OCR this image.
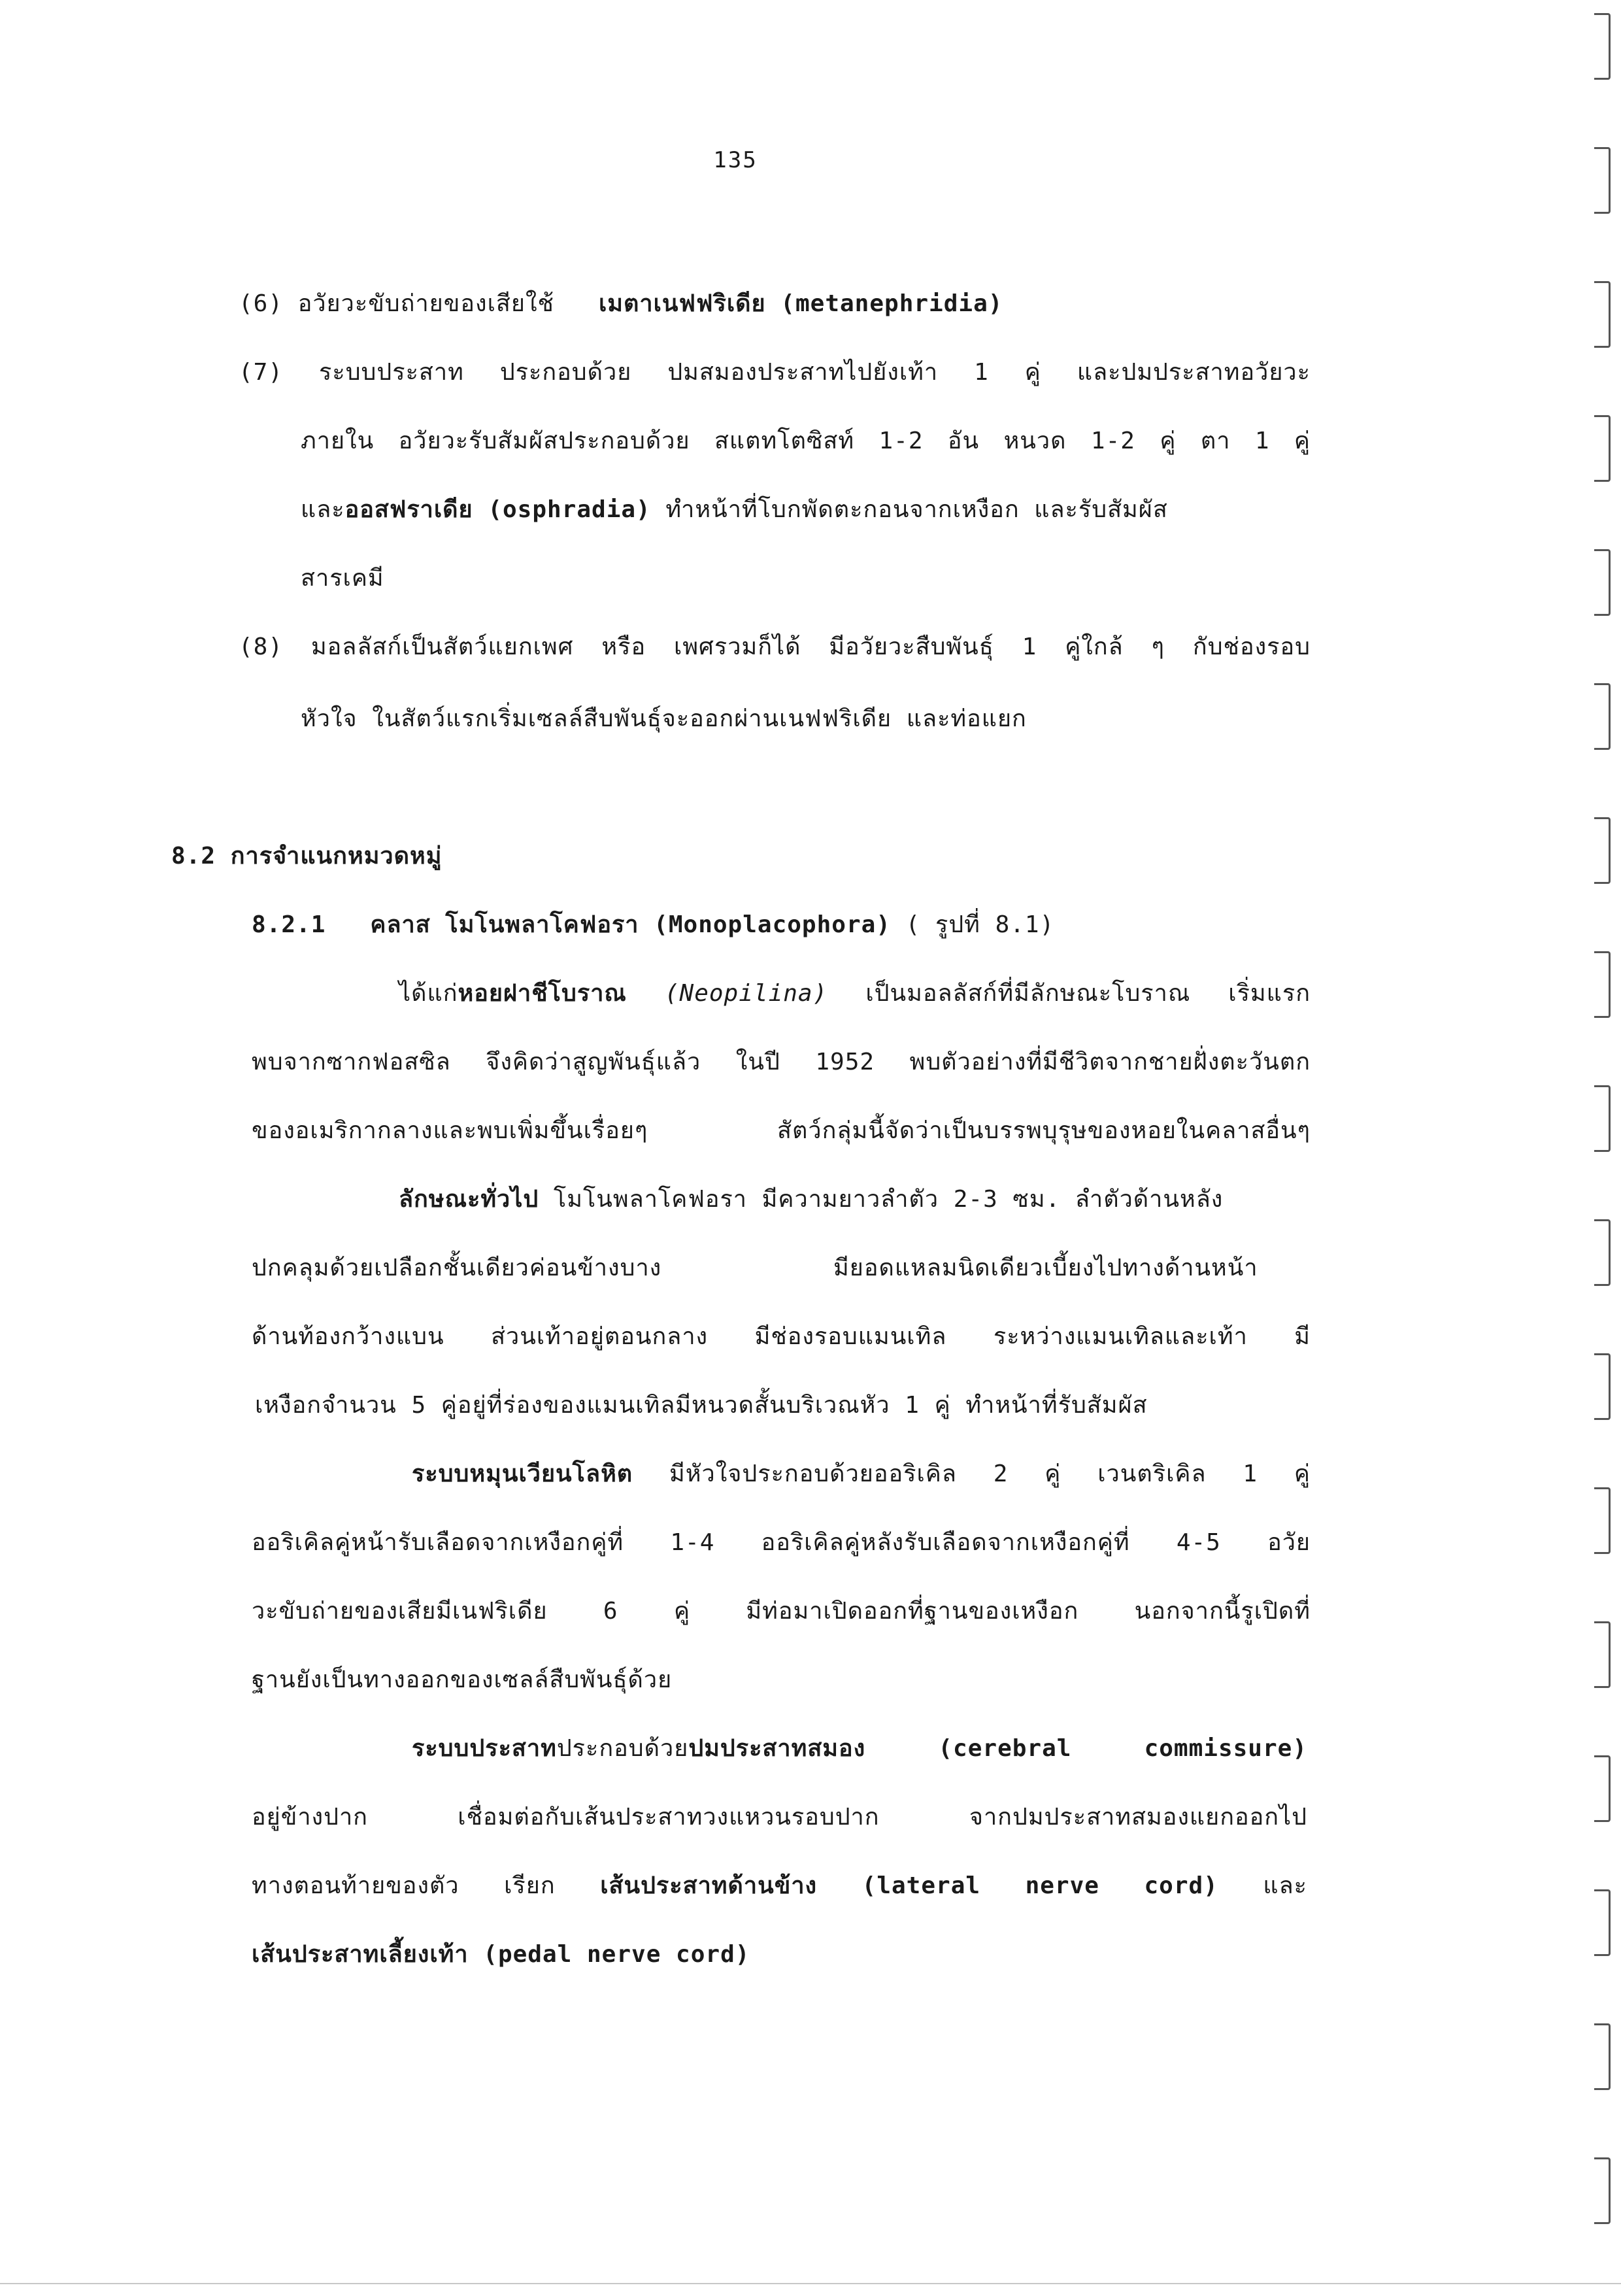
135
(6) อวัยวะขับถ่ายของเสียใช้ เมตาเนฟฟริเดีย (metanephridia)
(7) ระบบประสาท ประกอบด้วย ปมสมองประสาทไปยังเท้า 1 คู่ และปมประสาทอวัยวะ
ภายใน อวัยวะรับสัมผัสประกอบด้วย สแตทโตซิสท์ 1-2 อัน หนวด 1-2 คู่ ตา 1 คู่
และออสฟราเดีย (osphradia) ทำหน้าที่โบกพัดตะกอนจากเหงือก และรับสัมผัส
สารเคมี
(8) มอลลัสก์เป็นสัตว์แยกเพศ หรือ เพศรวมก็ได้ มีอวัยวะสืบพันธุ์ 1 คู่ใกล้ ๆ กับช่องรอบ
หัวใจ ในสัตว์แรกเริ่มเซลล์สืบพันธุ์จะออกผ่านเนฟฟริเดีย และท่อแยก
8.2 การจำแนกหมวดหมู่
8.2.1 คลาส โมโนพลาโคฟอรา (Monoplacophora) ( รูปที่ 8.1)
ได้แก่หอยฝาชีโบราณ (Neopilina) เป็นมอลลัสก์ที่มีลักษณะโบราณ เริ่มแรก
พบจากซากฟอสซิล จึงคิดว่าสูญพันธุ์แล้ว ในปี 1952 พบตัวอย่างที่มีชีวิตจากชายฝั่งตะวันตก
ของอเมริกากลางและพบเพิ่มขึ้นเรื่อยๆ สัตว์กลุ่มนี้จัดว่าเป็นบรรพบุรุษของหอยในคลาสอื่นๆ
ลักษณะทั่วไป โมโนพลาโคฟอรา มีความยาวลำตัว 2-3 ซม. ลำตัวด้านหลัง
ปกคลุมด้วยเปลือกชั้นเดียวค่อนข้างบาง	มียอดแหลมนิดเดียวเบี้ยงไปทางด้านหน้า
ด้านท้องกว้างแบน ส่วนเท้าอยู่ตอนกลาง มีช่องรอบแมนเทิล ระหว่างแมนเทิลและเท้า มี
เหงือกจำนวน 5 คู่อยู่ที่ร่องของแมนเทิลมีหนวดสั้นบริเวณหัว 1 คู่ ทำหน้าที่รับสัมผัส
ระบบหมุนเวียนโลหิต มีหัวใจประกอบด้วยออริเคิล 2 คู่ เวนตริเคิล 1 คู่
ออริเคิลคู่หน้ารับเลือดจากเหงือกคู่ที่ 1-4 ออริเคิลคู่หลังรับเลือดจากเหงือกคู่ที่ 4-5 อวัย
วะขับถ่ายของเสียมีเนฟริเดีย 6 คู่ มีท่อมาเปิดออกที่ฐานของเหงือก นอกจากนี้รูเปิดที่
ฐานยังเป็นทางออกของเซลล์สืบพันธุ์ด้วย
ระบบประสาทประกอบด้วยปมประสาทสมอง (cerebral commissure)
อยู่ข้างปาก เชื่อมต่อกับเส้นประสาทวงแหวนรอบปาก จากปมประสาทสมองแยกออกไป
ทางตอนท้ายของตัว เรียก เส้นประสาทด้านข้าง (lateral nerve cord) และ
เส้นประสาทเลี้ยงเท้า (pedal nerve cord)
